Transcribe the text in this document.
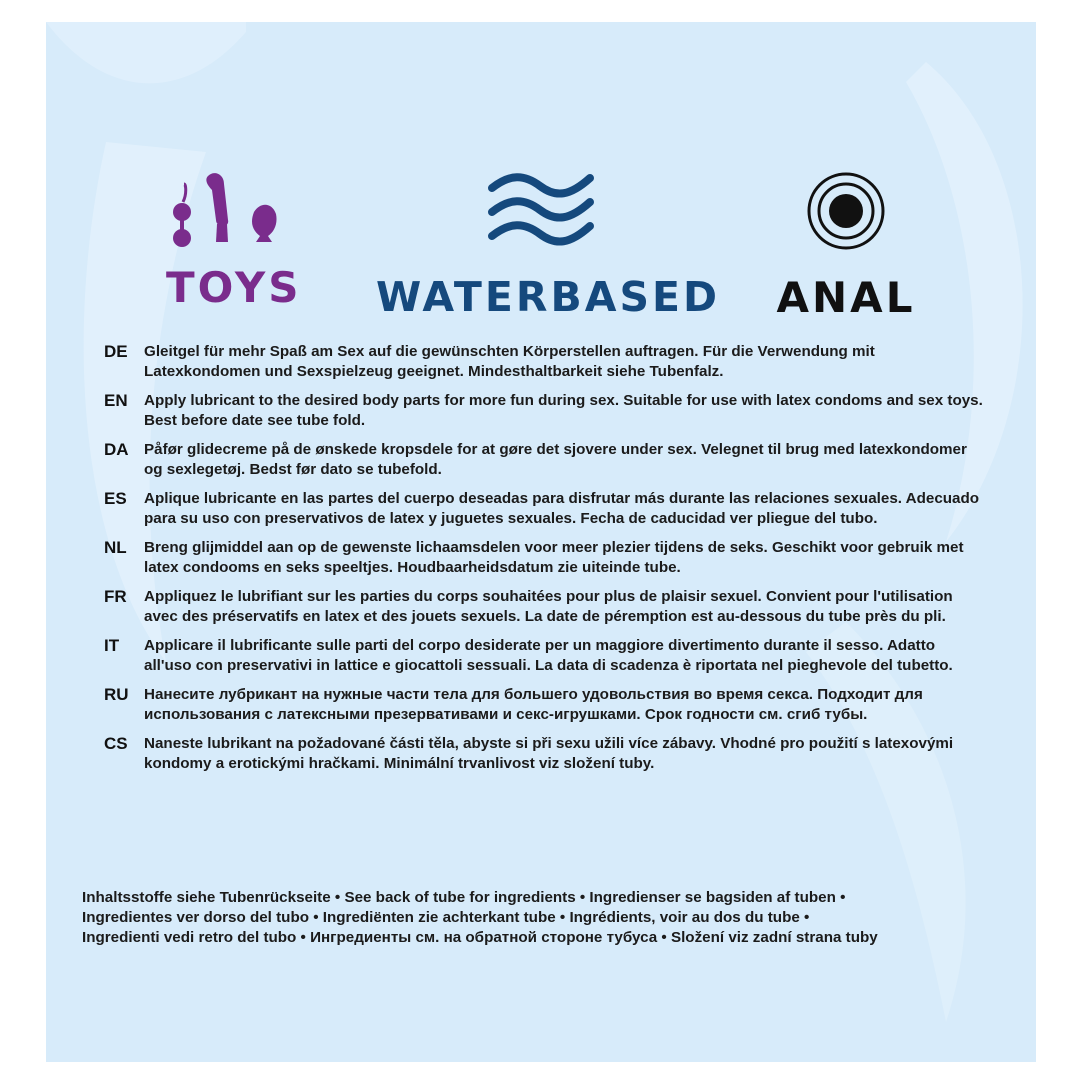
TOYS WATERBASED ANAL
DE	Gleitgel für mehr Spaß am Sex auf die gewünschten Körperstellen auftragen. Für die Verwendung mit Latexkondomen und Sexspielzeug geeignet. Mindesthaltbarkeit siehe Tubenfalz.
EN	Apply lubricant to the desired body parts for more fun during sex. Suitable for use with latex condoms and sex toys. Best before date see tube fold.
DA	Påfør glidecreme på de ønskede kropsdele for at gøre det sjovere under sex. Velegnet til brug med latexkondomer og sexlegetøj. Bedst før dato se tubefold.
ES	Aplique lubricante en las partes del cuerpo deseadas para disfrutar más durante las relaciones sexuales. Adecuado para su uso con preservativos de latex y juguetes sexuales. Fecha de caducidad ver pliegue del tubo.
NL	Breng glijmiddel aan op de gewenste lichaamsdelen voor meer plezier tijdens de seks. Geschikt voor gebruik met latex condooms en seks speeltjes. Houdbaarheidsdatum zie uiteinde tube.
FR	Appliquez le lubrifiant sur les parties du corps souhaitées pour plus de plaisir sexuel. Convient pour l'utilisation avec des préservatifs en latex et des jouets sexuels. La date de péremption est au-dessous du tube près du pli.
IT	Applicare il lubrificante sulle parti del corpo desiderate per un maggiore divertimento durante il sesso. Adatto all'uso con preservativi in lattice e giocattoli sessuali. La data di scadenza è riportata nel pieghevole del tubetto.
RU	Нанесите лубрикант на нужные части тела для большего удовольствия во время секса. Подходит для использования с латексными презервативами и секс-игрушками. Срок годности см. сгиб тубы.
CS	Naneste lubrikant na požadované části těla, abyste si při sexu užili více zábavy. Vhodné pro použití s latexovými kondomy a erotickými hračkami. Minimální trvanlivost viz složení tuby.
Inhaltsstoffe siehe Tubenrückseite • See back of tube for ingredients • Ingredienser se bagsiden af tuben •
Ingredientes ver dorso del tubo • Ingrediënten zie achterkant tube • Ingrédients, voir au dos du tube •
Ingredienti vedi retro del tubo • Ингредиенты см. на обратной стороне тубуса • Složení viz zadní strana tuby
